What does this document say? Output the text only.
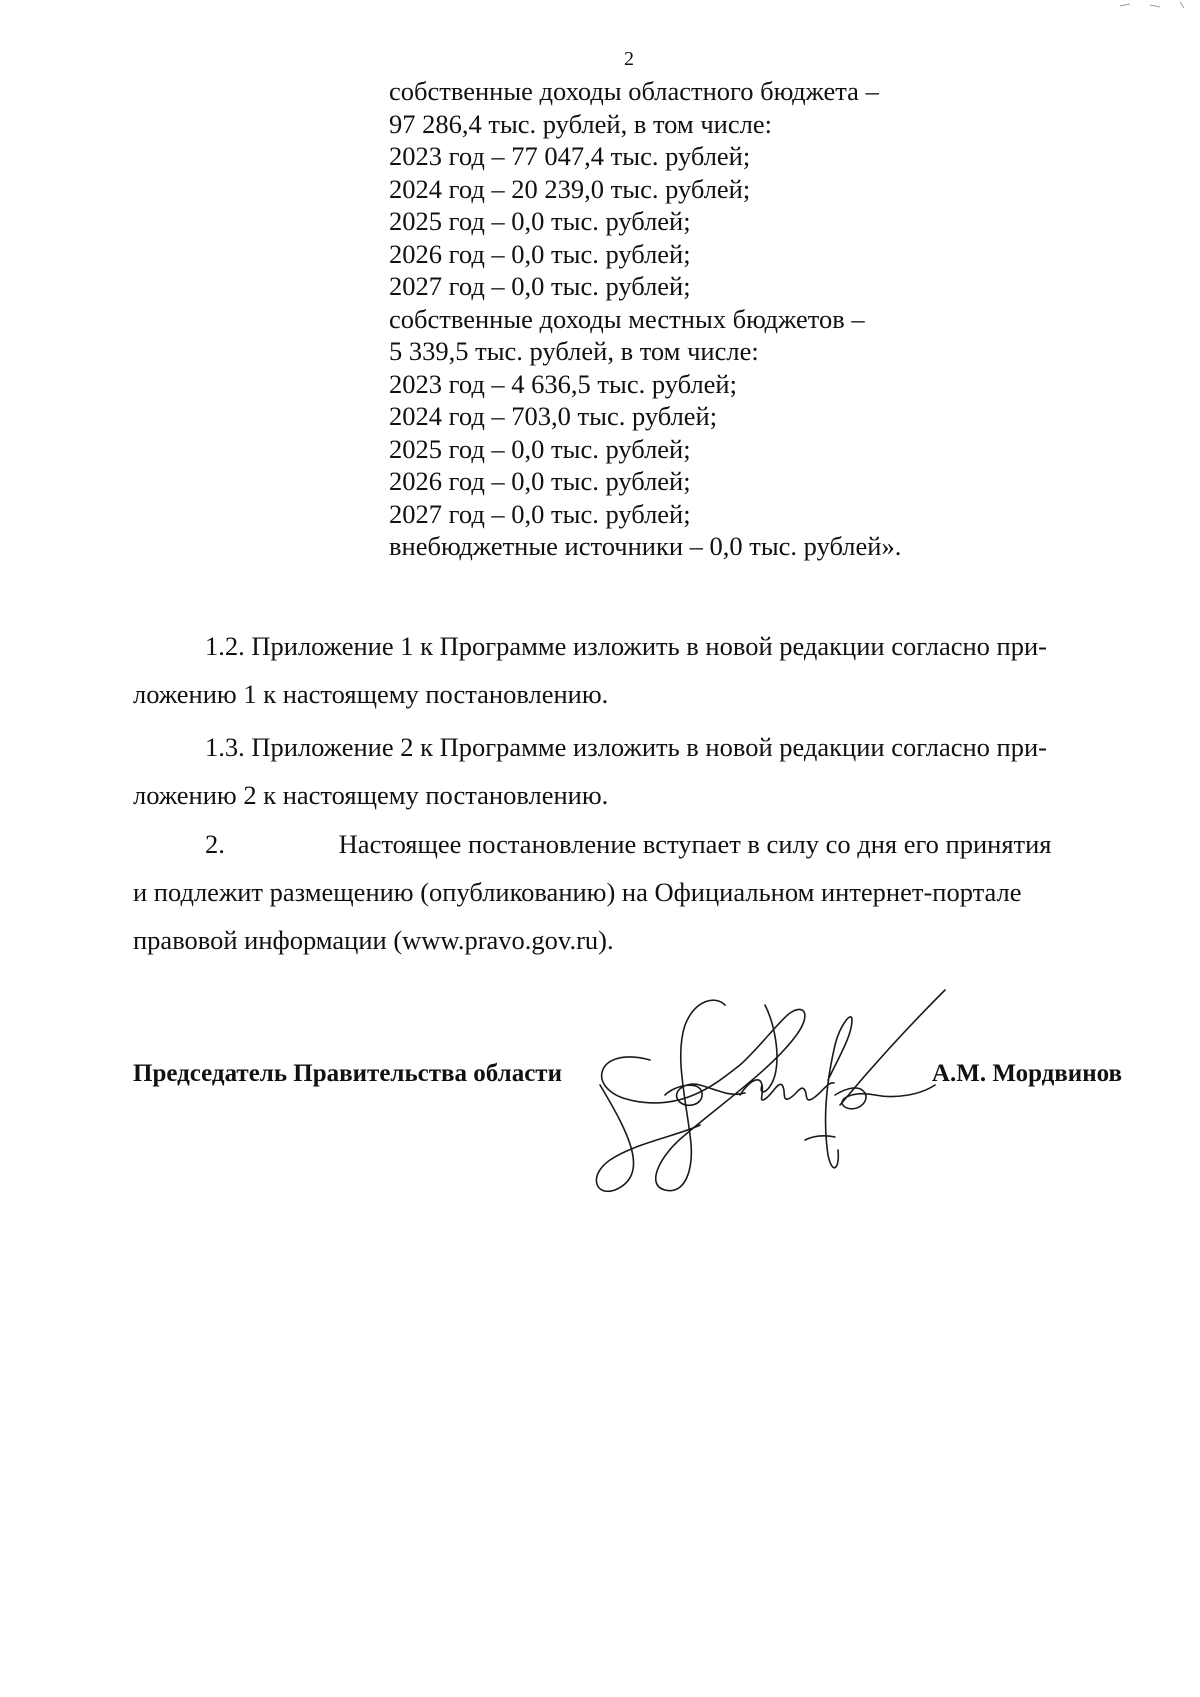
2
собственные доходы областного бюджета –
97 286,4 тыс. рублей, в том числе:
2023 год – 77 047,4 тыс. рублей;
2024 год – 20 239,0 тыс. рублей;
2025 год – 0,0 тыс. рублей;
2026 год – 0,0 тыс. рублей;
2027 год – 0,0 тыс. рублей;
собственные доходы местных бюджетов –
5 339,5 тыс. рублей, в том числе:
2023 год – 4 636,5 тыс. рублей;
2024 год – 703,0 тыс. рублей;
2025 год – 0,0 тыс. рублей;
2026 год – 0,0 тыс. рублей;
2027 год – 0,0 тыс. рублей;
внебюджетные источники – 0,0 тыс. рублей».
1.2. Приложение 1 к Программе изложить в новой редакции согласно при-
ложению 1 к настоящему постановлению.
1.3. Приложение 2 к Программе изложить в новой редакции согласно при-
ложению 2 к настоящему постановлению.
2.	Настоящее постановление вступает в силу со дня его принятия
и подлежит размещению (опубликованию) на Официальном интернет-портале
правовой информации (www.pravo.gov.ru).
Председатель Правительства области	А.М. Мордвинов
